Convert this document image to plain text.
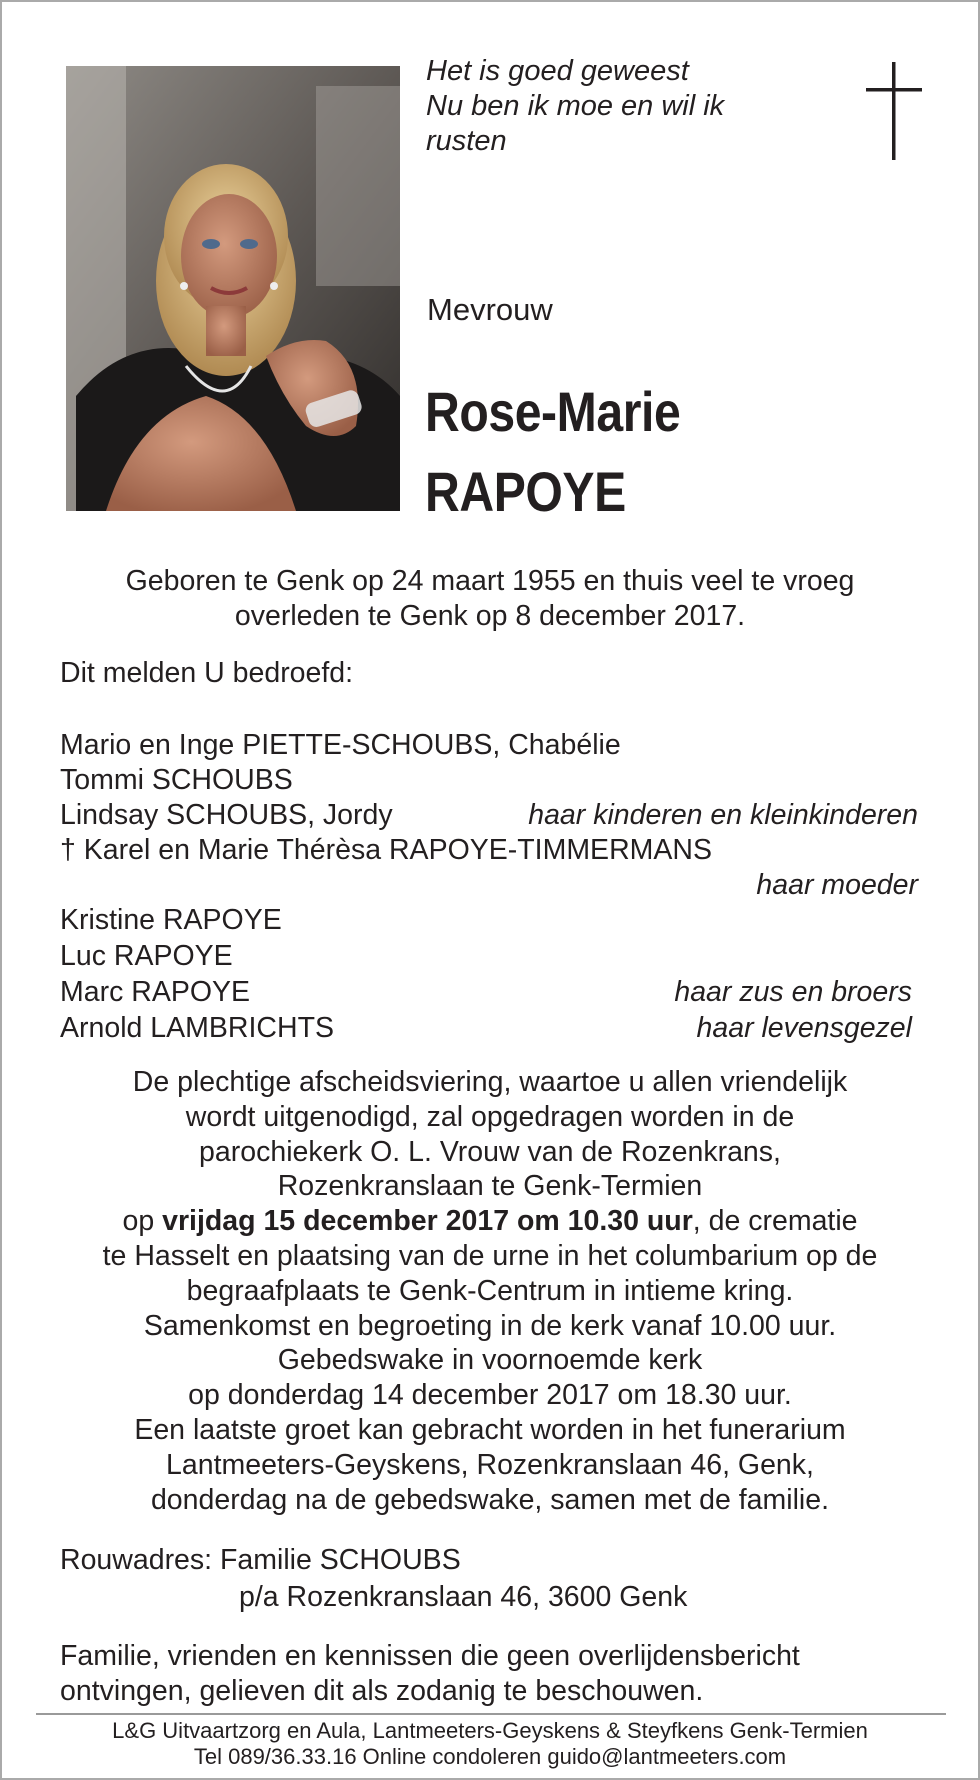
Het is goed geweest
Nu ben ik moe en wil ik
rusten
Mevrouw
Rose-Marie
RAPOYE
Geboren te Genk op 24 maart 1955 en thuis veel te vroeg
overleden te Genk op 8 december 2017.
Dit melden U bedroefd:
Mario en Inge PIETTE-SCHOUBS, Chabélie
Tommi SCHOUBS
Lindsay SCHOUBS, Jordy	haar kinderen en kleinkinderen
† Karel en Marie Thérèsa RAPOYE-TIMMERMANS
haar moeder
Kristine RAPOYE
Luc RAPOYE
Marc RAPOYE	haar zus en broers
Arnold LAMBRICHTS	haar levensgezel
De plechtige afscheidsviering, waartoe u allen vriendelijk
wordt uitgenodigd, zal opgedragen worden in de
parochiekerk O. L. Vrouw van de Rozenkrans,
Rozenkranslaan te Genk-Termien
op vrijdag 15 december 2017 om 10.30 uur, de crematie
te Hasselt en plaatsing van de urne in het columbarium op de
begraafplaats te Genk-Centrum in intieme kring.
Samenkomst en begroeting in de kerk vanaf 10.00 uur.
Gebedswake in voornoemde kerk
op donderdag 14 december 2017 om 18.30 uur.
Een laatste groet kan gebracht worden in het funerarium
Lantmeeters-Geyskens, Rozenkranslaan 46, Genk,
donderdag na de gebedswake, samen met de familie.
Rouwadres: Familie SCHOUBS
p/a Rozenkranslaan 46, 3600 Genk
Familie, vrienden en kennissen die geen overlijdensbericht
ontvingen, gelieven dit als zodanig te beschouwen.
L&G Uitvaartzorg en Aula, Lantmeeters-Geyskens & Steyfkens Genk-Termien
Tel 089/36.33.16 Online condoleren guido@lantmeeters.com
